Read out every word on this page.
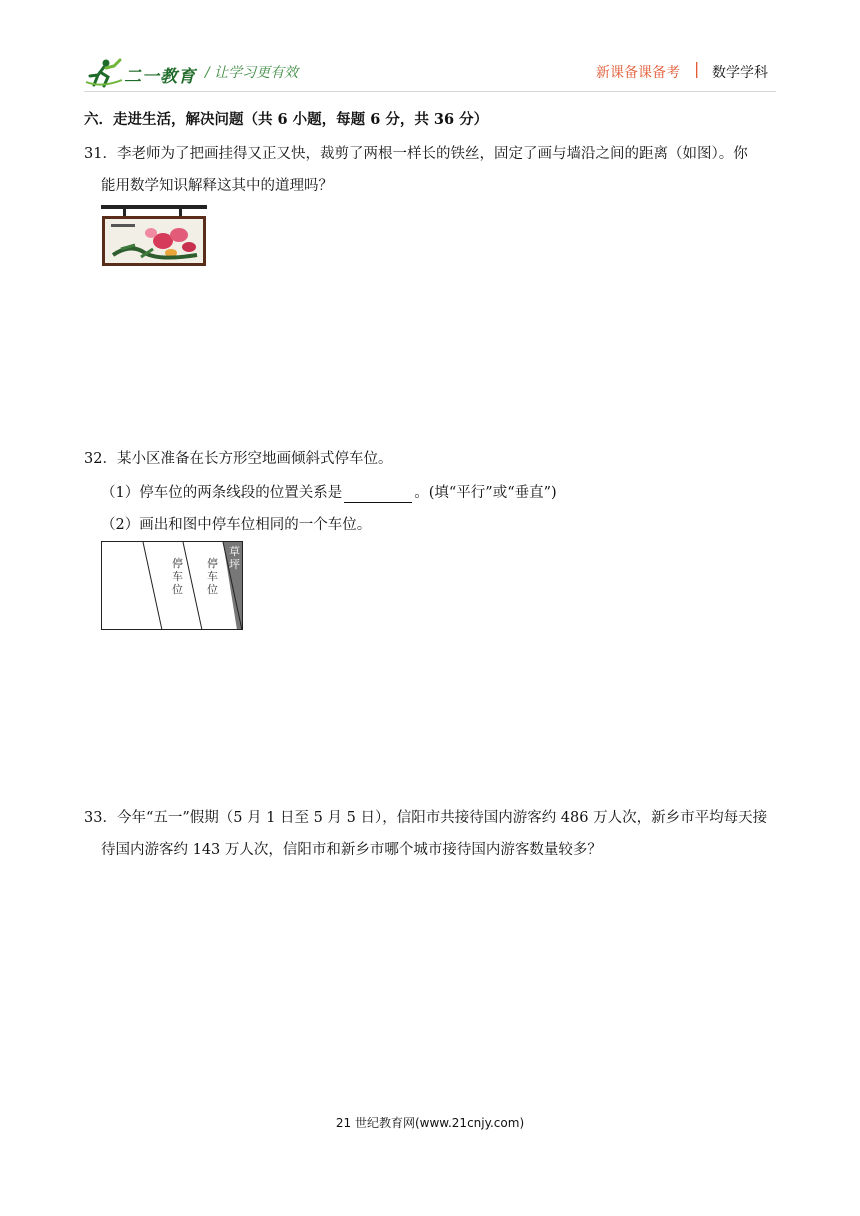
二一教育 / 让学习更有效	新课备课备考 | 数学学科
六．走进生活，解决问题（共 6 小题，每题 6 分，共 36 分）
31．李老师为了把画挂得又正又快，裁剪了两根一样长的铁丝，固定了画与墙沿之间的距离（如图）。你
能用数学知识解释这其中的道理吗？
32．某小区准备在长方形空地画倾斜式停车位。
（1）停车位的两条线段的位置关系是	。(填“平行”或“垂直”)
（2）画出和图中停车位相同的一个车位。
停
车
位
停
车
位
草
坪
33．今年“五一”假期（5 月 1 日至 5 月 5 日），信阳市共接待国内游客约 486 万人次，新乡市平均每天接
待国内游客约 143 万人次，信阳市和新乡市哪个城市接待国内游客数量较多？
21 世纪教育网(www.21cnjy.com)
